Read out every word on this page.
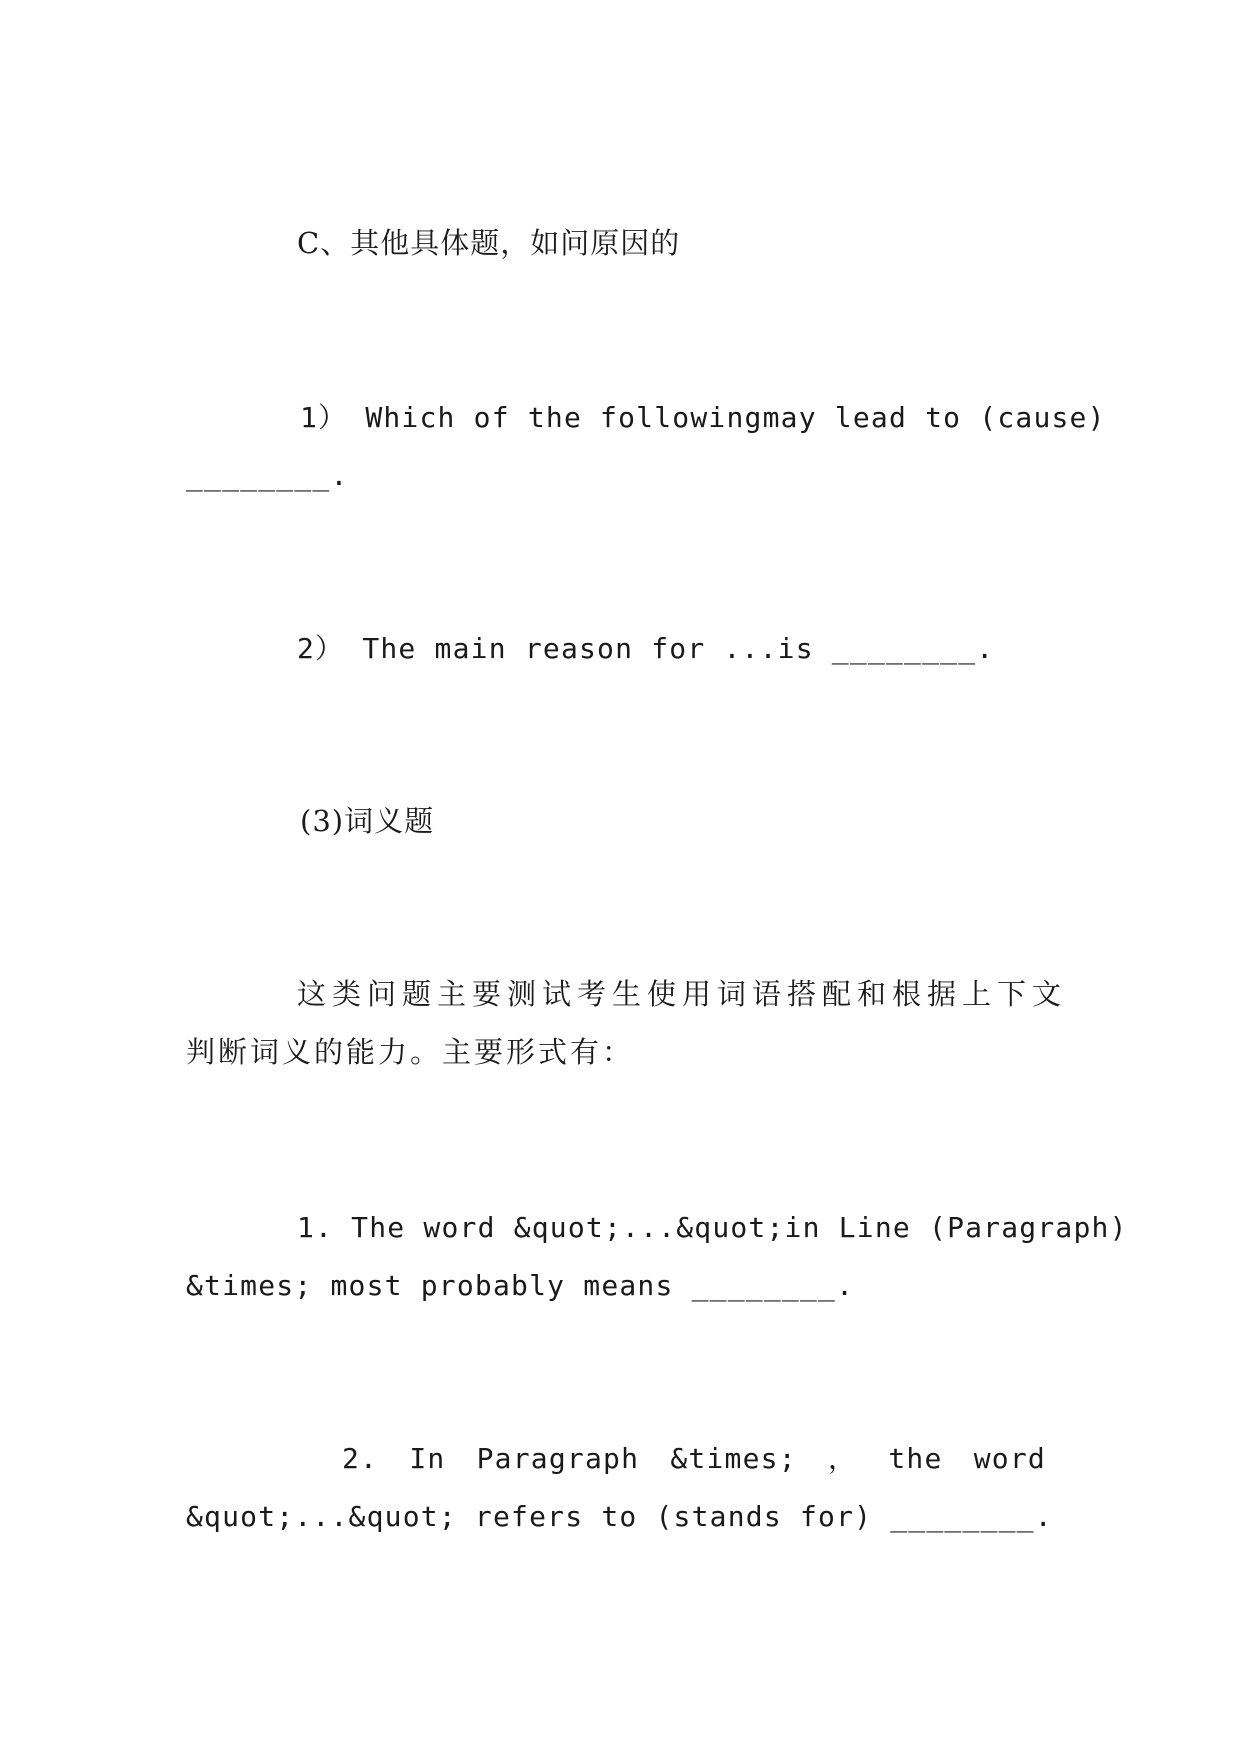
C、其他具体题，如问原因的
1） Which of the followingmay lead to (cause)
________.
2） The main reason for ...is ________.
(3)词义题
这类问题主要测试考生使用词语搭配和根据上下文
判断词义的能力。主要形式有：
1. The word &quot;...&quot;in Line (Paragraph)
&times; most probably means ________.
2. In Paragraph &times; ， the word
&quot;...&quot; refers to (stands for) ________.
